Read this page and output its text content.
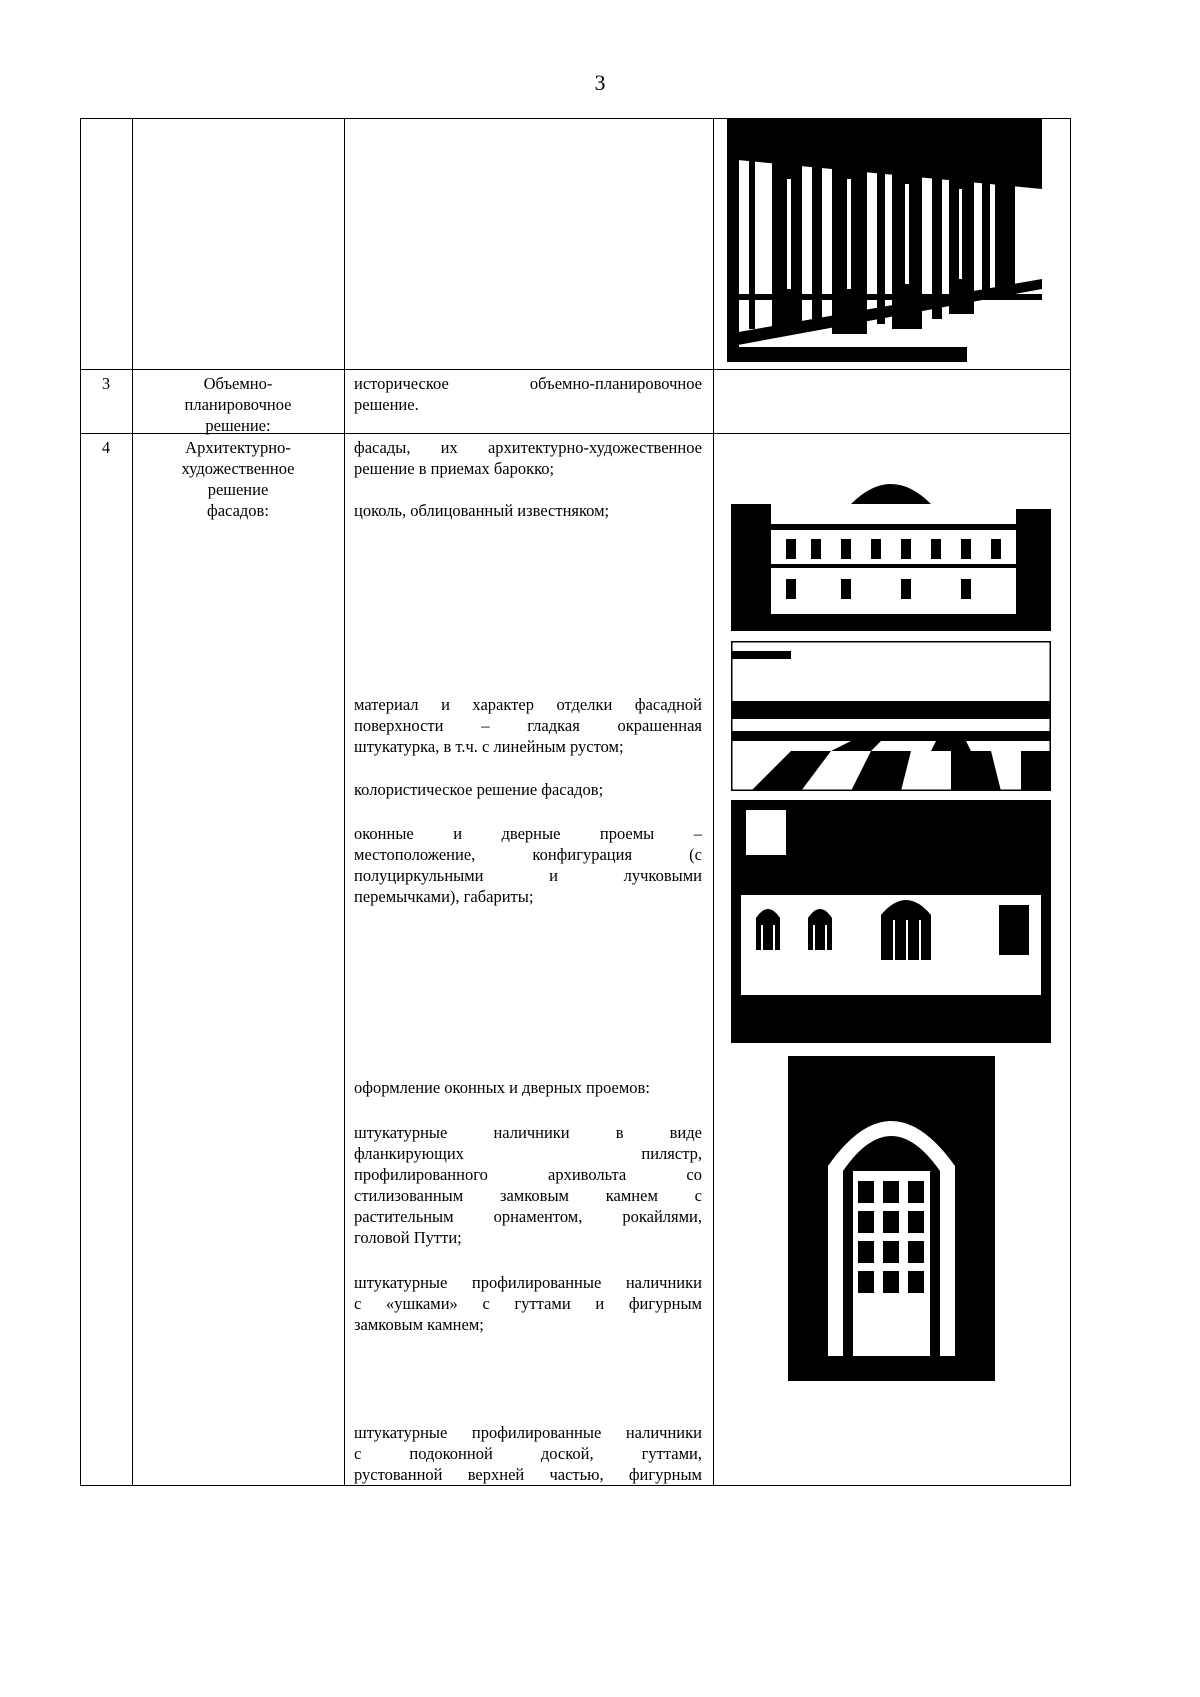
3
3	Объемно-
планировочное
решение:
историческое объемно-планировочное
решение.
4	Архитектурно-
художественное
решение
фасадов:
фасады, их архитектурно-художественное
решение в приемах барокко;
цоколь, облицованный известняком;
материал и характер отделки фасадной
поверхности – гладкая окрашенная
штукатурка, в т.ч. с линейным рустом;
колористическое решение фасадов;
оконные и дверные проемы –
местоположение, конфигурация (с
полуциркульными и лучковыми
перемычками), габариты;
оформление оконных и дверных проемов:
штукатурные наличники в виде
фланкирующих пилястр,
профилированного архивольта со
стилизованным замковым камнем с
растительным орнаментом, рокайлями,
головой Путти;
штукатурные профилированные наличники
с «ушками» с гуттами и фигурным
замковым камнем;
штукатурные профилированные наличники
с подоконной доской, гуттами,
рустованной верхней частью, фигурным
